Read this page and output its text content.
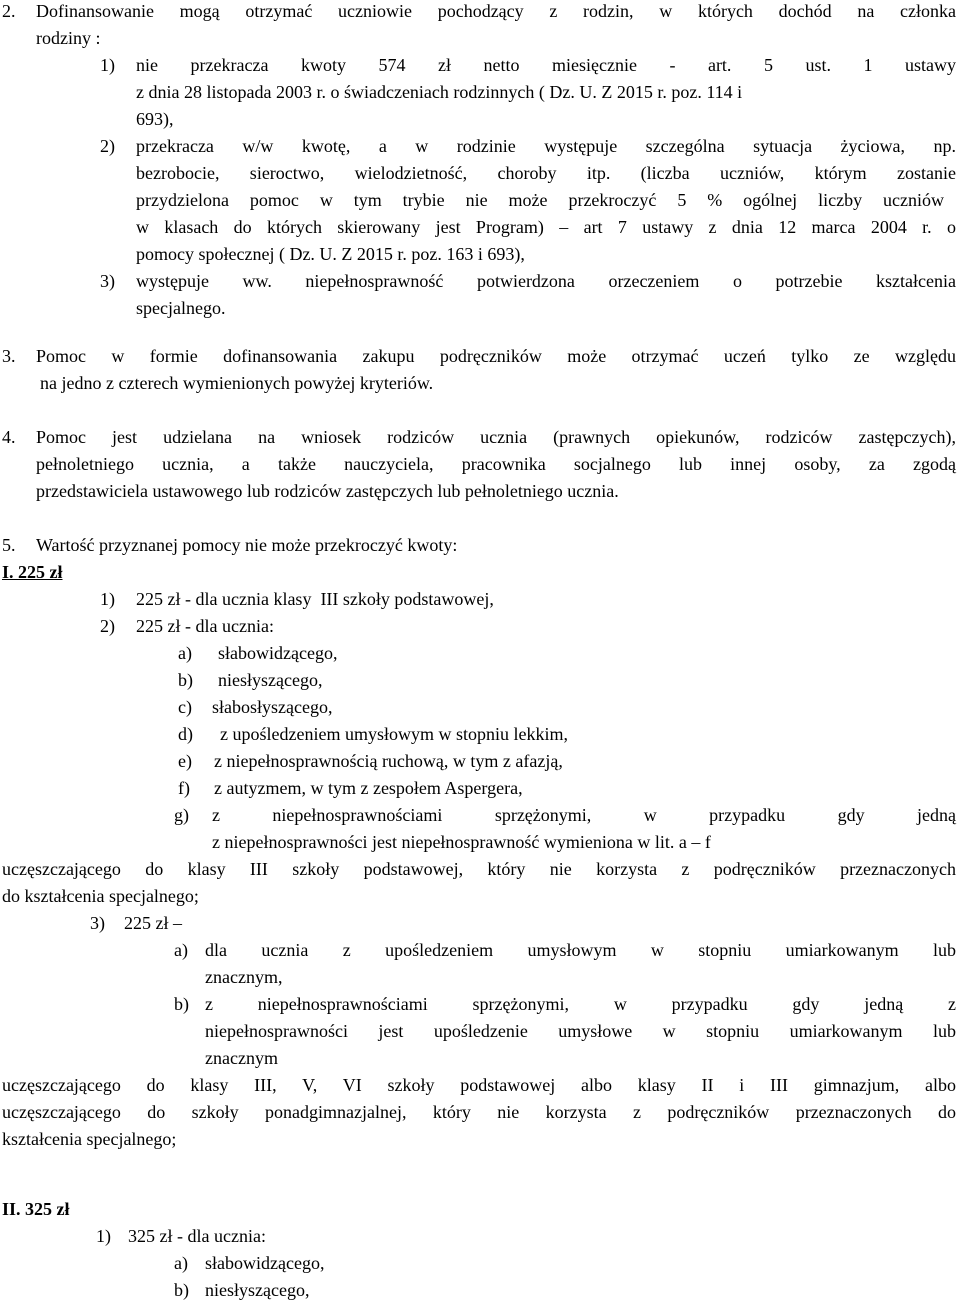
2. Dofinansowanie mogą otrzymać uczniowie pochodzący z rodzin, w których dochód na członka
rodziny :
1) nie przekracza kwoty 574 zł netto miesięcznie - art. 5 ust. 1 ustawy
z dnia 28 listopada 2003 r. o świadczeniach rodzinnych ( Dz. U. Z 2015 r. poz. 114 i
693),
2) przekracza w/w kwotę, a w rodzinie występuje szczególna sytuacja życiowa, np.
bezrobocie, sieroctwo, wielodzietność, choroby itp. (liczba uczniów, którym zostanie
przydzielona pomoc w tym trybie nie może przekroczyć 5 % ogólnej liczby uczniów
w klasach do których skierowany jest Program) – art 7 ustawy z dnia 12 marca 2004 r. o
pomocy społecznej ( Dz. U. Z 2015 r. poz. 163 i 693),
3) występuje ww. niepełnosprawność potwierdzona orzeczeniem o potrzebie kształcenia
specjalnego.
3. Pomoc w formie dofinansowania zakupu podręczników może otrzymać uczeń tylko ze względu
na jedno z czterech wymienionych powyżej kryteriów.
4. Pomoc jest udzielana na wniosek rodziców ucznia (prawnych opiekunów, rodziców zastępczych),
pełnoletniego ucznia, a także nauczyciela, pracownika socjalnego lub innej osoby, za zgodą
przedstawiciela ustawowego lub rodziców zastępczych lub pełnoletniego ucznia.
5. Wartość przyznanej pomocy nie może przekroczyć kwoty:
I. 225 zł
1) 225 zł - dla ucznia klasy  III szkoły podstawowej,
2) 225 zł - dla ucznia:
a) słabowidzącego,
b) niesłyszącego,
c) słabosłyszącego,
d) z upośledzeniem umysłowym w stopniu lekkim,
e) z niepełnosprawnością ruchową, w tym z afazją,
f) z autyzmem, w tym z zespołem Aspergera,
g) z niepełnosprawnościami sprzężonymi, w przypadku gdy jedną
z niepełnosprawności jest niepełnosprawność wymieniona w lit. a – f
uczęszczającego do klasy III szkoły podstawowej, który nie korzysta z podręczników przeznaczonych
do kształcenia specjalnego;
3) 225 zł –
a) dla ucznia z upośledzeniem umysłowym w stopniu umiarkowanym lub
znacznym,
b) z niepełnosprawnościami sprzężonymi, w przypadku gdy jedną z
niepełnosprawności jest upośledzenie umysłowe w stopniu umiarkowanym lub
znacznym
uczęszczającego do klasy III, V, VI szkoły podstawowej albo klasy II i III gimnazjum, albo
uczęszczającego do szkoły ponadgimnazjalnej, który nie korzysta z podręczników przeznaczonych do
kształcenia specjalnego;
II. 325 zł
1) 325 zł - dla ucznia:
a) słabowidzącego,
b) niesłyszącego,
